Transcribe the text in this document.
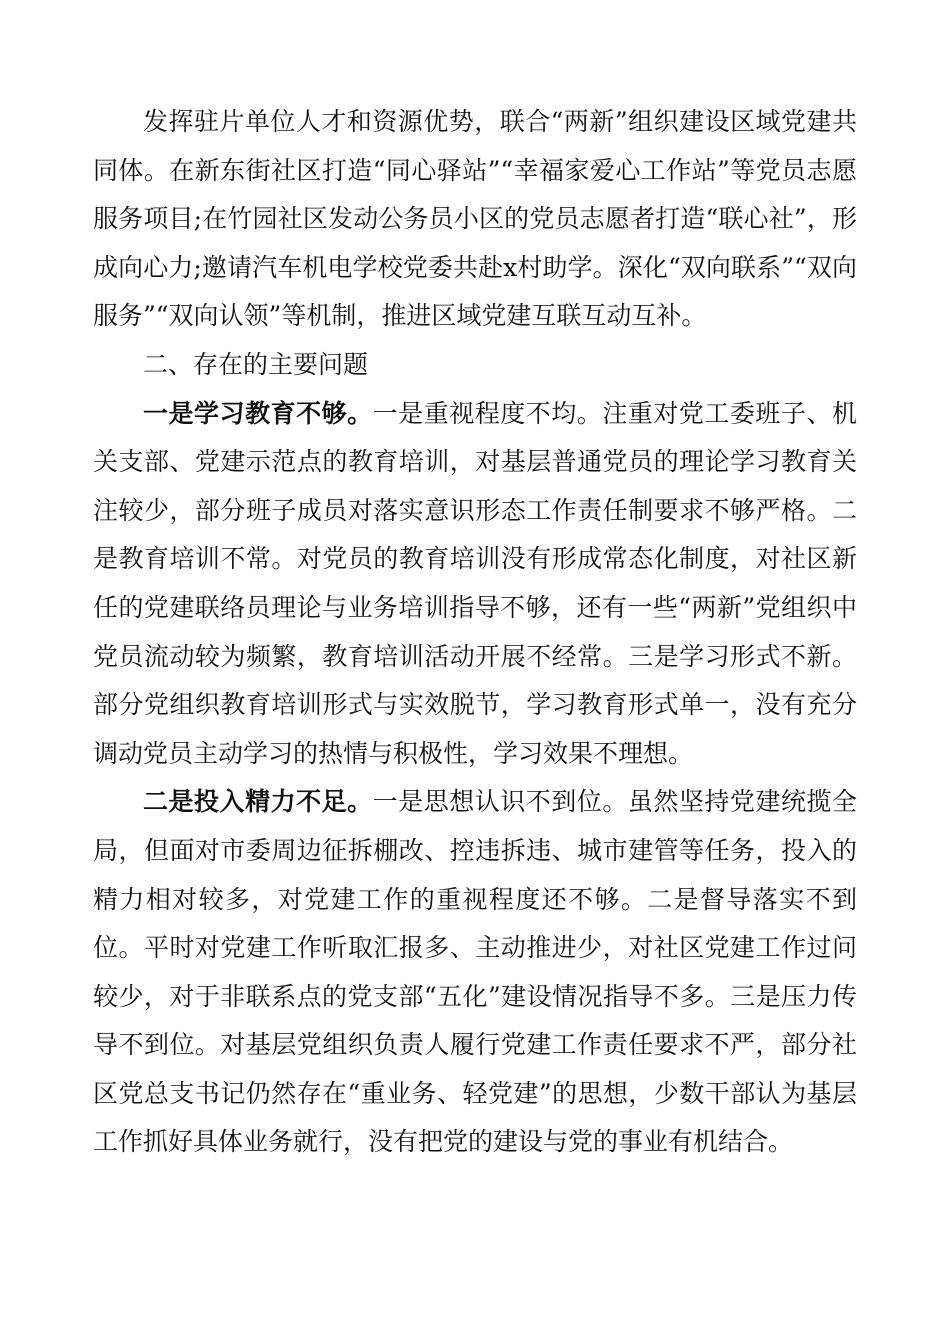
发挥驻片单位人才和资源优势，联合“两新”组织建设区域党建共同体。在新东街社区打造“同心驿站”“幸福家爱心工作站”等党员志愿服务项目;在竹园社区发动公务员小区的党员志愿者打造“联心社”，形成向心力;邀请汽车机电学校党委共赴x村助学。深化“双向联系”“双向服务”“双向认领”等机制，推进区域党建互联互动互补。

二、存在的主要问题

一是学习教育不够。一是重视程度不均。注重对党工委班子、机关支部、党建示范点的教育培训，对基层普通党员的理论学习教育关注较少，部分班子成员对落实意识形态工作责任制要求不够严格。二是教育培训不常。对党员的教育培训没有形成常态化制度，对社区新任的党建联络员理论与业务培训指导不够，还有一些“两新”党组织中党员流动较为频繁，教育培训活动开展不经常。三是学习形式不新。部分党组织教育培训形式与实效脱节，学习教育形式单一，没有充分调动党员主动学习的热情与积极性，学习效果不理想。

二是投入精力不足。一是思想认识不到位。虽然坚持党建统揽全局，但面对市委周边征拆棚改、控违拆违、城市建管等任务，投入的精力相对较多，对党建工作的重视程度还不够。二是督导落实不到位。平时对党建工作听取汇报多、主动推进少，对社区党建工作过问较少，对于非联系点的党支部“五化”建设情况指导不多。三是压力传导不到位。对基层党组织负责人履行党建工作责任要求不严，部分社区党总支书记仍然存在“重业务、轻党建”的思想，少数干部认为基层工作抓好具体业务就行，没有把党的建设与党的事业有机结合。
